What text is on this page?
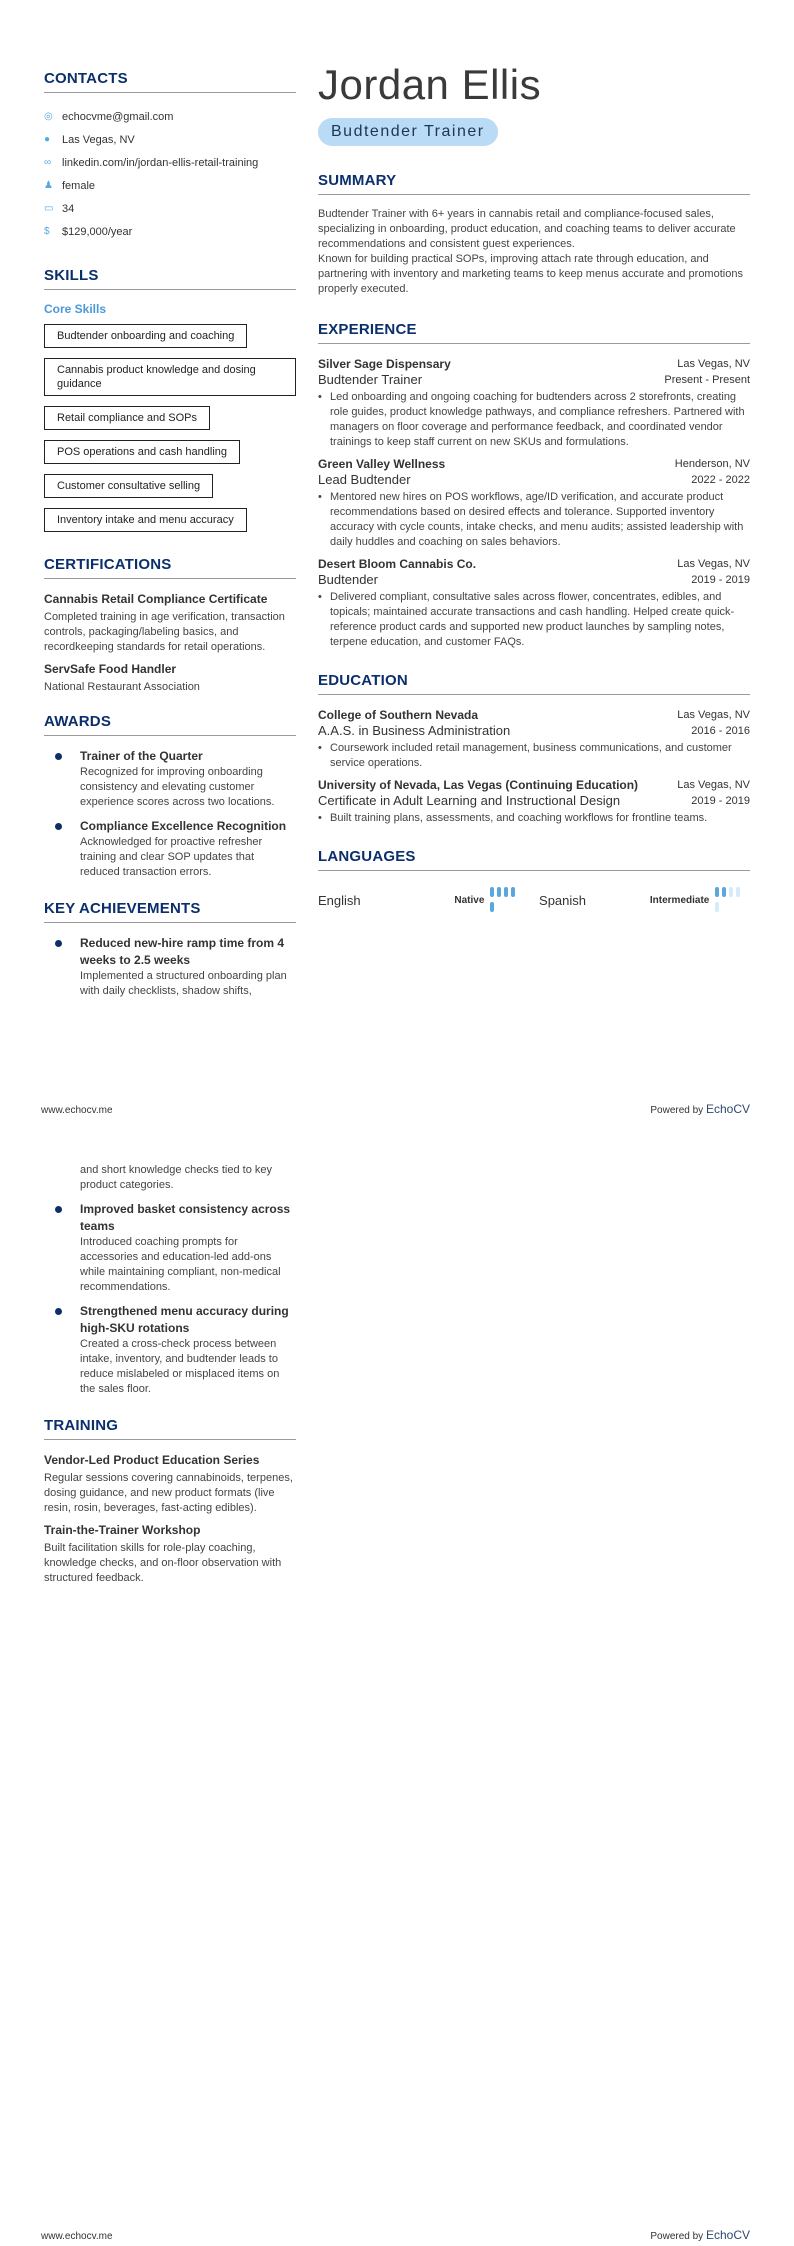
CONTACTS
◎ echocvme@gmail.com
●	Las Vegas, NV
∞ linkedin.com/in/jordan-ellis-retail-training
♟ female
▭ 34
$	$129,000/year
SKILLS
Core Skills
Budtender onboarding and coaching
Cannabis product knowledge and dosing guidance
Retail compliance and SOPs
POS operations and cash handling
Customer consultative selling
Inventory intake and menu accuracy
CERTIFICATIONS
Cannabis Retail Compliance Certificate
Completed training in age verification, transaction controls, packaging/labeling basics, and recordkeeping standards for retail operations.
ServSafe Food Handler
National Restaurant Association
AWARDS
Trainer of the Quarter
Recognized for improving onboarding consistency and elevating customer experience scores across two locations.
Compliance Excellence Recognition
Acknowledged for proactive refresher training and clear SOP updates that reduced transaction errors.
KEY ACHIEVEMENTS
Reduced new-hire ramp time from 4 weeks to 2.5 weeks
Implemented a structured onboarding plan with daily checklists, shadow shifts,
Jordan Ellis
Budtender Trainer
SUMMARY

Budtender Trainer with 6+ years in cannabis retail and compliance-focused sales, specializing in onboarding, product education, and coaching teams to deliver accurate recommendations and consistent guest experiences.

Known for building practical SOPs, improving attach rate through education, and partnering with inventory and marketing teams to keep menus accurate and promotions properly executed.

EXPERIENCE
Silver Sage Dispensary	Las Vegas, NV
Budtender Trainer	Present - Present
• Led onboarding and ongoing coaching for budtenders across 2 storefronts, creating role guides, product knowledge pathways, and compliance refreshers. Partnered with managers on floor coverage and performance feedback, and coordinated vendor trainings to keep staff current on new SKUs and formulations.
Green Valley Wellness	Henderson, NV
Lead Budtender	2022 - 2022
• Mentored new hires on POS workflows, age/ID verification, and accurate product recommendations based on desired effects and tolerance. Supported inventory accuracy with cycle counts, intake checks, and menu audits; assisted leadership with daily huddles and coaching on sales behaviors.
Desert Bloom Cannabis Co.	Las Vegas, NV
Budtender	2019 - 2019
• Delivered compliant, consultative sales across flower, concentrates, edibles, and topicals; maintained accurate transactions and cash handling. Helped create quick-reference product cards and supported new product launches by sampling notes, terpene education, and customer FAQs.
EDUCATION
College of Southern Nevada	Las Vegas, NV
A.A.S. in Business Administration	2016 - 2016
• Coursework included retail management, business communications, and customer service operations.
University of Nevada, Las Vegas (Continuing Education)	Las Vegas, NV
Certificate in Adult Learning and Instructional Design	2019 - 2019
• Built training plans, assessments, and coaching workflows for frontline teams.
LANGUAGES
English	Native	Spanish	Intermediate
www.echocv.me	Powered by EchoCV
and short knowledge checks tied to key product categories.
Improved basket consistency across teams
Introduced coaching prompts for accessories and education-led add-ons while maintaining compliant, non-medical recommendations.
Strengthened menu accuracy during high-SKU rotations
Created a cross-check process between intake, inventory, and budtender leads to reduce mislabeled or misplaced items on the sales floor.
TRAINING
Vendor-Led Product Education Series
Regular sessions covering cannabinoids, terpenes, dosing guidance, and new product formats (live resin, rosin, beverages, fast-acting edibles).
Train-the-Trainer Workshop
Built facilitation skills for role-play coaching, knowledge checks, and on-floor observation with structured feedback.
www.echocv.me	Powered by EchoCV
